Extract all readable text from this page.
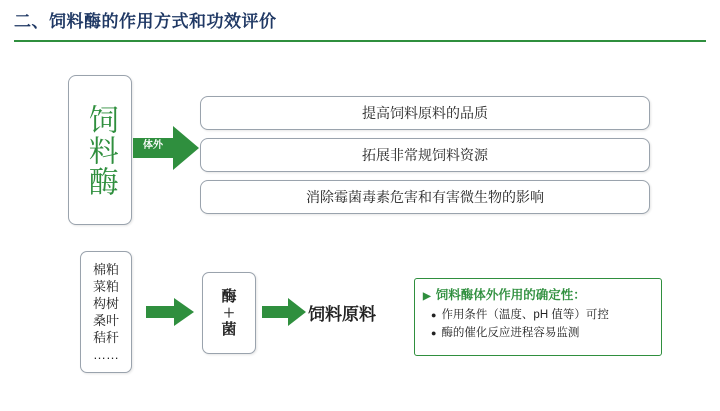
二、饲料酶的作用方式和功效评价
饲料酶	体外
提高饲料原料的品质
拓展非常规饲料资源
消除霉菌毒素危害和有害微生物的影响
棉粕
菜粕
构树
桑叶
秸秆
……
酶
＋
菌
饲料原料
▶ 饲料酶体外作用的确定性：
● 作用条件（温度、pH 值等）可控
● 酶的催化反应进程容易监测
